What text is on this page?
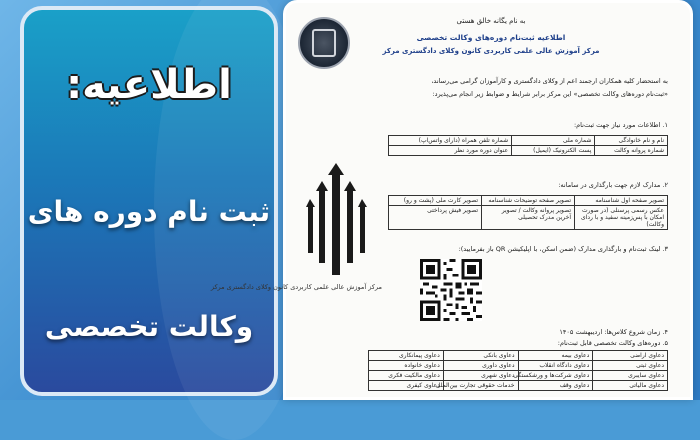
اطلاعیه:
ثبت نام دوره های
وکالت تخصصی
به نام یگانه خالق هستی
اطلاعیه ثبت‌نام دوره‌های وکالت تخصصی
مرکز آموزش عالی علمی کاربردی کانون وکلای دادگستری مرکز
به استحضار کلیه همکاران ارجمند اعم از وکلای دادگستری و کارآموزان گرامی می‌رساند،
«ثبت‌نام دوره‌های وکالت تخصصی» این مرکز برابر شرایط و ضوابط زیر انجام می‌پذیرد:
۱. اطلاعات مورد نیاز جهت ثبت‌نام:
نام و نام خانوادگی	شماره ملی	شماره تلفن همراه (دارای واتس‌اپ)
شماره پروانه وکالت	پست الکترونیک (ایمیل)	عنوان دوره مورد نظر
۲. مدارک لازم جهت بارگذاری در سامانه:
تصویر صفحه اول شناسنامه	تصویر صفحه توضیحات شناسنامه	تصویر کارت ملی (پشت و رو)
عکس رسمی پرسنلی (در صورت امکان با پس‌زمینه سفید و با ردای وکالت)	تصویر پروانه وکالت / تصویر آخرین مدرک تحصیلی	تصویر فیش پرداختی
۳. لینک ثبت‌نام و بارگذاری مدارک (ضمن اسکن، با اپلیکیشن QR باز بفرمایید):
۴. زمان شروع کلاس‌ها: اردیبهشت ۱۴۰۵
۵. دوره‌های وکالت تخصصی قابل ثبت‌نام:
دعاوی اراضی	دعاوی بیمه	دعاوی بانکی	دعاوی پیمانکاری
دعاوی ثبتی	دعاوی دادگاه انقلاب	دعاوی داوری	دعاوی خانواده
دعاوی سایبری	دعاوی شرکت‌ها و ورشکستگی	دعاوی شهری	دعاوی مالکیت فکری
دعاوی مالیاتی	دعاوی وقف	خدمات حقوقی تجارت بین‌الملل	دعاوی کیفری
مرکز آموزش عالی علمی کاربردی کانون وکلای دادگستری مرکز
